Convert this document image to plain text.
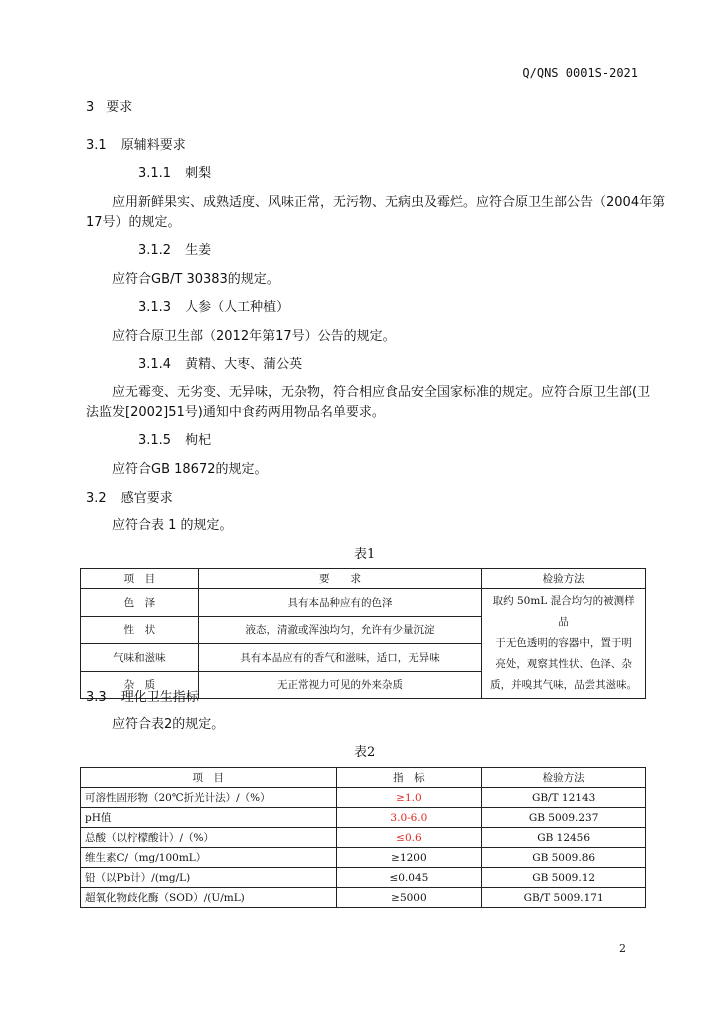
Q/QNS 0001S-2021
3 要求
3.1 原辅料要求
3.1.1 刺梨
应用新鲜果实、成熟适度、风味正常，无污物、无病虫及霉烂。应符合原卫生部公告（2004年第
17号）的规定。
3.1.2 生姜
应符合GB/T 30383的规定。
3.1.3 人参（人工种植）
应符合原卫生部（2012年第17号）公告的规定。
3.1.4 黄精、大枣、蒲公英
应无霉变、无劣变、无异味，无杂物，符合相应食品安全国家标准的规定。应符合原卫生部(卫
法监发[2002]51号)通知中食药两用物品名单要求。
3.1.5 枸杞
应符合GB 18672的规定。
3.2 感官要求
应符合表 1 的规定。
表1
项　目	要　　求	检验方法
色　泽	具有本品种应有的色泽	取约 50mL 混合均匀的被测样品
于无色透明的容器中，置于明
亮处，观察其性状、色泽、杂
质，并嗅其气味，品尝其滋味。

性　状	液态，清澈或浑浊均匀，允许有少量沉淀	
气味和滋味	具有本品应有的香气和滋味，适口，无异味	
杂　质	无正常视力可见的外来杂质	
3.3 理化卫生指标
应符合表2的规定。
表2
项　目	指　标	检验方法
可溶性固形物（20℃折光计法）/（%）	≥1.0	GB/T 12143
pH值	3.0-6.0	GB 5009.237
总酸（以柠檬酸计）/（%）	≤0.6	GB 12456
维生素C/（mg/100mL）	≥1200	GB 5009.86
铅（以Pb计）/(mg/L)	≤0.045	GB 5009.12
超氧化物歧化酶（SOD）/(U/mL)	≥5000	GB/T 5009.171
2
